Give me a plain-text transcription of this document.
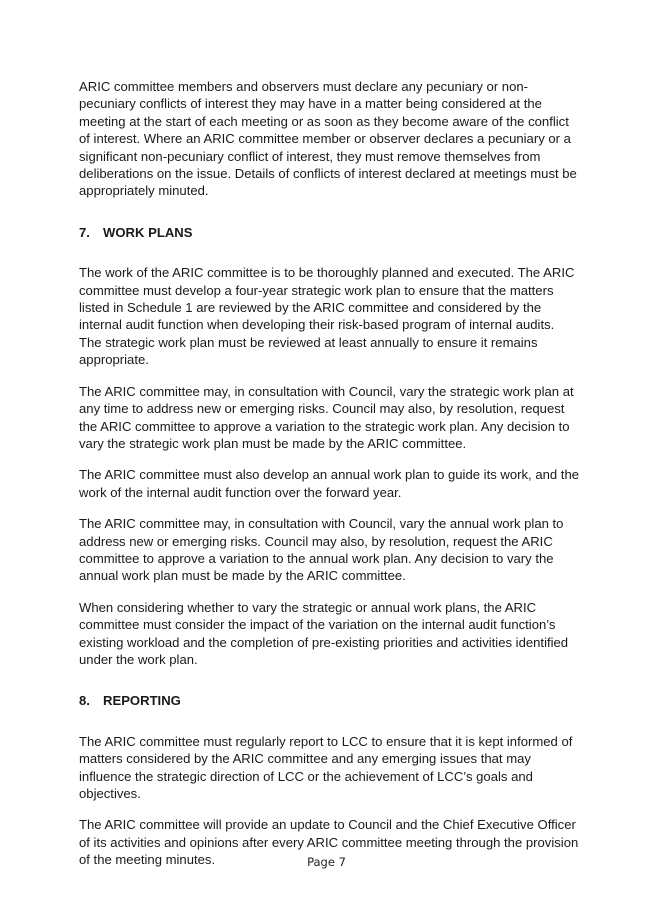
ARIC committee members and observers must declare any pecuniary or non-pecuniary conflicts of interest they may have in a matter being considered at the meeting at the start of each meeting or as soon as they become aware of the conflict of interest. Where an ARIC committee member or observer declares a pecuniary or a significant non-pecuniary conflict of interest, they must remove themselves from deliberations on the issue. Details of conflicts of interest declared at meetings must be appropriately minuted.

7. WORK PLANS

The work of the ARIC committee is to be thoroughly planned and executed. The ARIC committee must develop a four-year strategic work plan to ensure that the matters listed in Schedule 1 are reviewed by the ARIC committee and considered by the internal audit function when developing their risk-based program of internal audits. The strategic work plan must be reviewed at least annually to ensure it remains appropriate.

The ARIC committee may, in consultation with Council, vary the strategic work plan at any time to address new or emerging risks. Council may also, by resolution, request the ARIC committee to approve a variation to the strategic work plan. Any decision to vary the strategic work plan must be made by the ARIC committee.

The ARIC committee must also develop an annual work plan to guide its work, and the work of the internal audit function over the forward year.

The ARIC committee may, in consultation with Council, vary the annual work plan to address new or emerging risks. Council may also, by resolution, request the ARIC committee to approve a variation to the annual work plan. Any decision to vary the annual work plan must be made by the ARIC committee.

When considering whether to vary the strategic or annual work plans, the ARIC committee must consider the impact of the variation on the internal audit function’s existing workload and the completion of pre-existing priorities and activities identified under the work plan.

8. REPORTING

The ARIC committee must regularly report to LCC to ensure that it is kept informed of matters considered by the ARIC committee and any emerging issues that may influence the strategic direction of LCC or the achievement of LCC’s goals and objectives.

The ARIC committee will provide an update to Council and the Chief Executive Officer of its activities and opinions after every ARIC committee meeting through the provision of the meeting minutes.	Page 7
